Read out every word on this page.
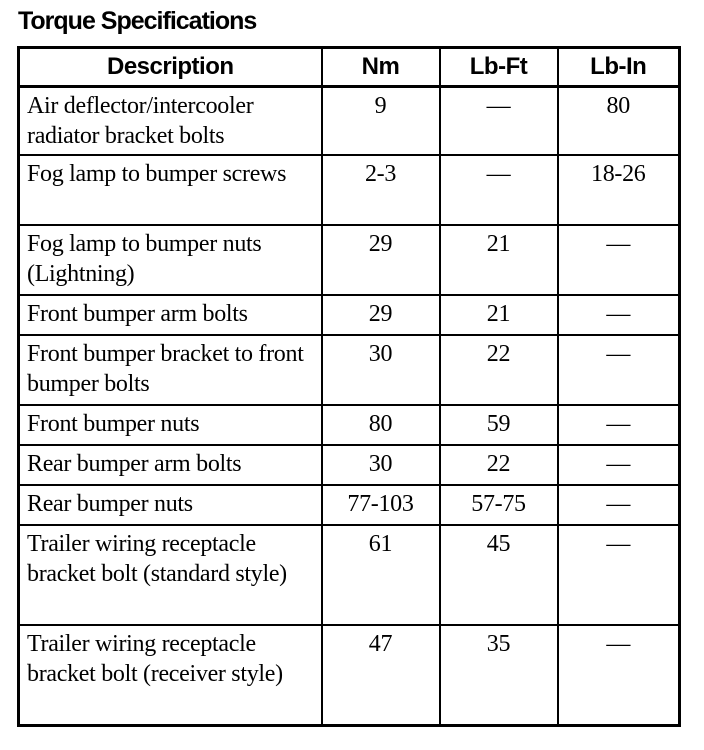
Torque Specifications
Description	Nm	Lb-Ft	Lb-In
Air deflector/intercooler radiator bracket bolts	9	—	80
Fog lamp to bumper screws	2-3	—	18-26
Fog lamp to bumper nuts (Lightning)	29	21	—
Front bumper arm bolts	29	21	—
Front bumper bracket to front bumper bolts	30	22	—
Front bumper nuts	80	59	—
Rear bumper arm bolts	30	22	—
Rear bumper nuts	77-103	57-75	—
Trailer wiring receptacle bracket bolt (standard style)	61	45	—
Trailer wiring receptacle bracket bolt (receiver style)	47	35	—
